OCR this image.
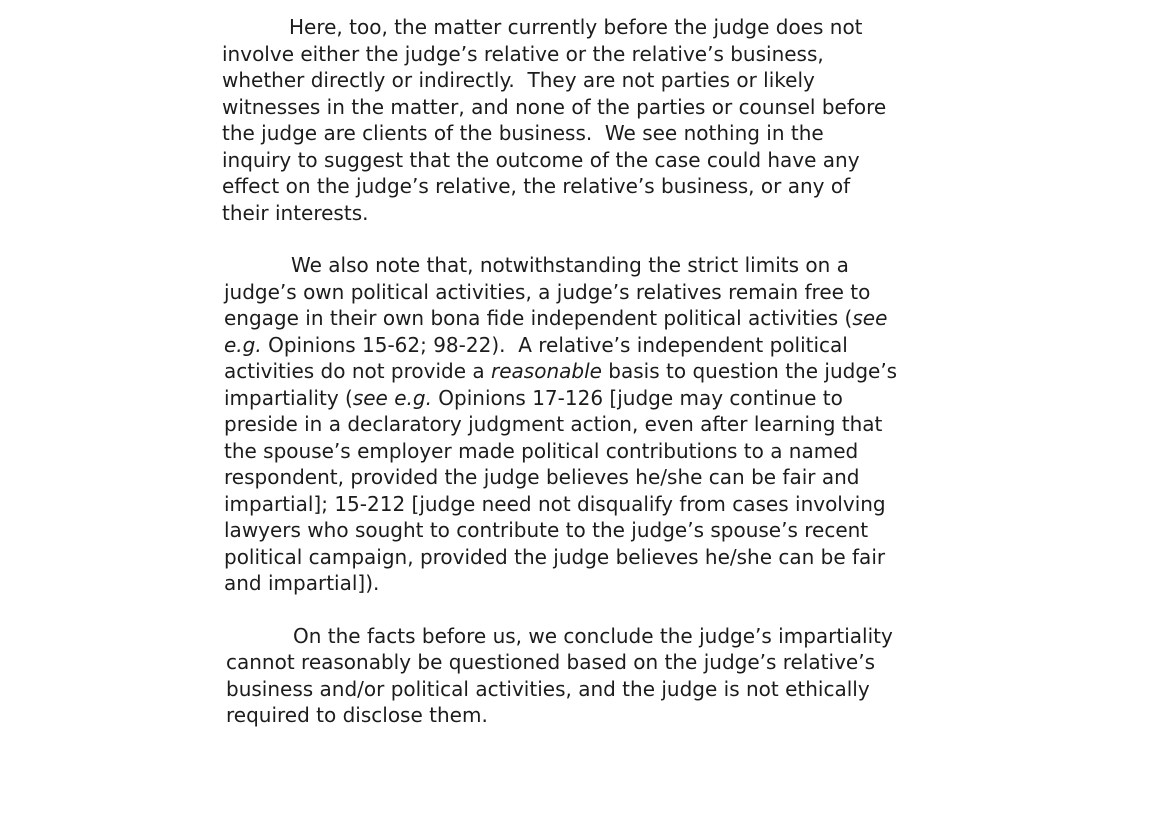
Here, too, the matter currently before the judge does not
involve either the judge’s relative or the relative’s business,
whether directly or indirectly.  They are not parties or likely
witnesses in the matter, and none of the parties or counsel before
the judge are clients of the business.  We see nothing in the
inquiry to suggest that the outcome of the case could have any
effect on the judge’s relative, the relative’s business, or any of
their interests.
We also note that, notwithstanding the strict limits on a
judge’s own political activities, a judge’s relatives remain free to
engage in their own bona fide independent political activities (see
e.g. Opinions 15-62; 98-22).  A relative’s independent political
activities do not provide a reasonable basis to question the judge’s
impartiality (see e.g. Opinions 17-126 [judge may continue to
preside in a declaratory judgment action, even after learning that
the spouse’s employer made political contributions to a named
respondent, provided the judge believes he/she can be fair and
impartial]; 15-212 [judge need not disqualify from cases involving
lawyers who sought to contribute to the judge’s spouse’s recent
political campaign, provided the judge believes he/she can be fair
and impartial]).
On the facts before us, we conclude the judge’s impartiality
cannot reasonably be questioned based on the judge’s relative’s
business and/or political activities, and the judge is not ethically
required to disclose them.
